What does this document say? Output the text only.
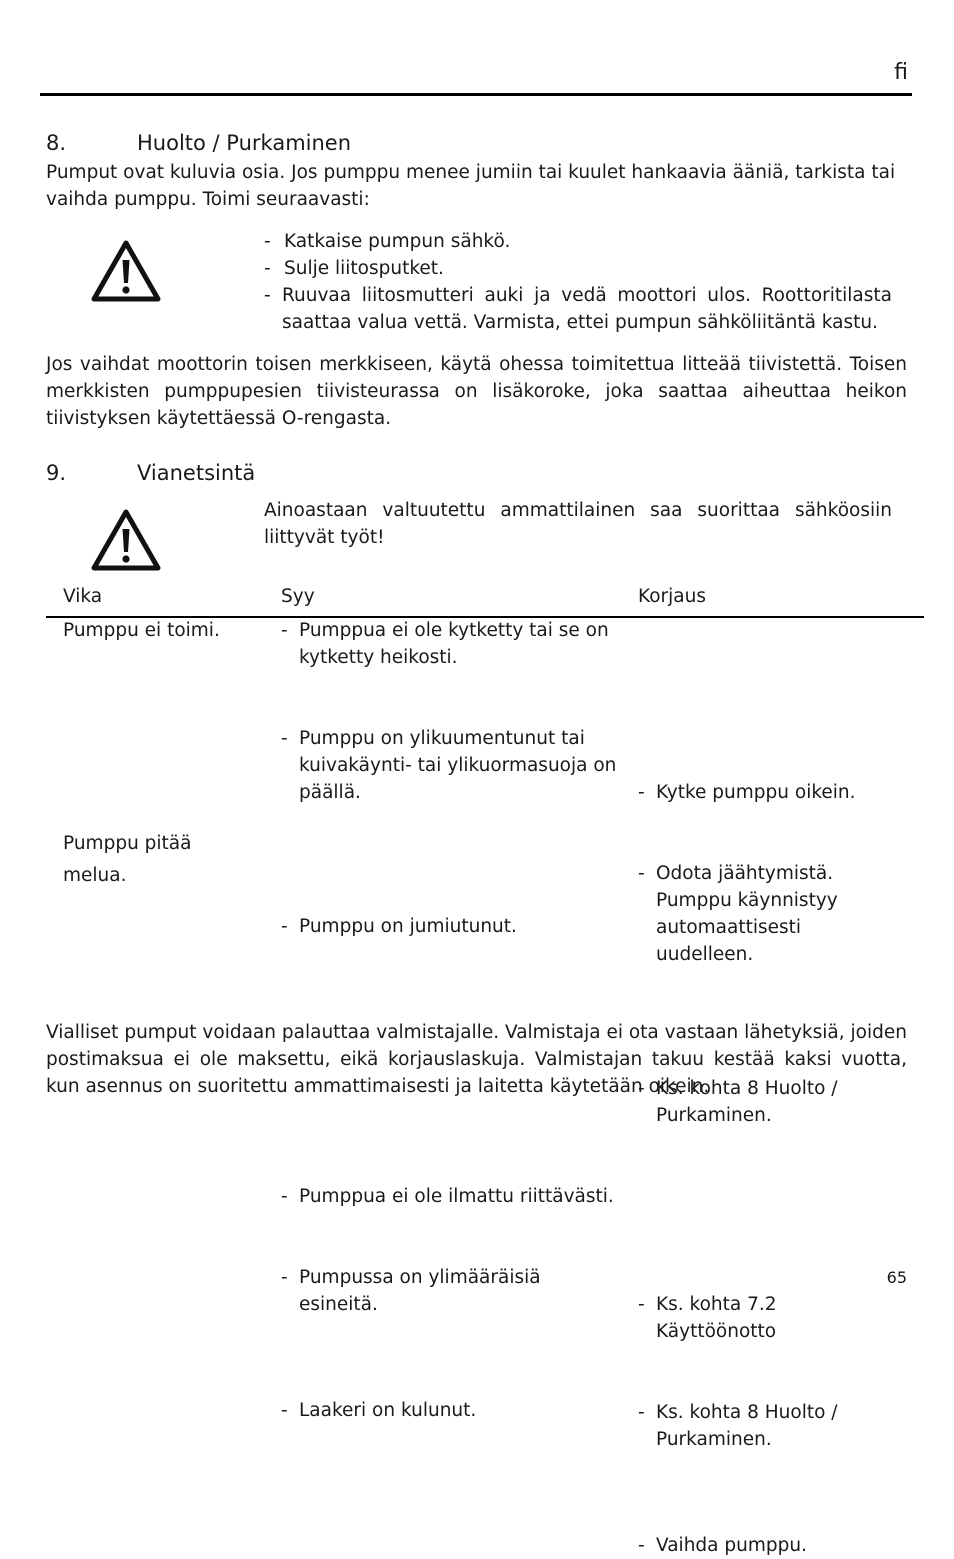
fi
8.	Huolto / Purkaminen

Pumput ovat kuluvia osia. Jos pumppu menee jumiin tai kuulet hankaavia ääniä, tarkista tai vaihda pumppu. Toimi seuraavasti:

- Katkaise pumpun sähkö.
- Sulje liitosputket.
- Ruuvaa liitosmutteri auki ja vedä moottori ulos. Roottoritilasta saattaa valua vettä. Varmista, ettei pumpun sähköliitäntä kastu.

Jos vaihdat moottorin toisen merkkiseen, käytä ohessa toimitettua litteää tiivistettä. Toisen merkkisten pumppupesien tiivisteurassa on lisäkoroke, joka saattaa aiheuttaa heikon tiivistyksen käytettäessä O-rengasta.

9.	Vianetsintä

Ainoastaan valtuutettu ammattilainen saa suorittaa sähköosiin liittyvät työt!

Vika	Syy	Korjaus
Pumppu ei toimi.
-	Pumppua ei ole kytketty tai se on kytketty heikosti.
- Pumppu on ylikuumentunut tai kuivakäynti- tai ylikuormasuoja on päällä.
- Pumppu on jumiutunut.
- Kytke pumppu oikein.
- Odota jäähtymistä. Pumppu käynnistyy automaattisesti uudelleen.
- Ks. kohta 8 Huolto / Purkaminen.
Pumppu pitää melua.
- Pumppua ei ole ilmattu riittävästi.
- Pumpussa on ylimääräisiä esineitä.
- Laakeri on kulunut.
- Ks. kohta 7.2 Käyttöönotto
- Ks. kohta 8 Huolto / Purkaminen.
- Vaihda pumppu.

Vialliset pumput voidaan palauttaa valmistajalle. Valmistaja ei ota vastaan lähetyksiä, joiden postimaksua ei ole maksettu, eikä korjauslaskuja. Valmistajan takuu kestää kaksi vuotta, kun asennus on suoritettu ammattimaisesti ja laitetta käytetään oikein.

65
